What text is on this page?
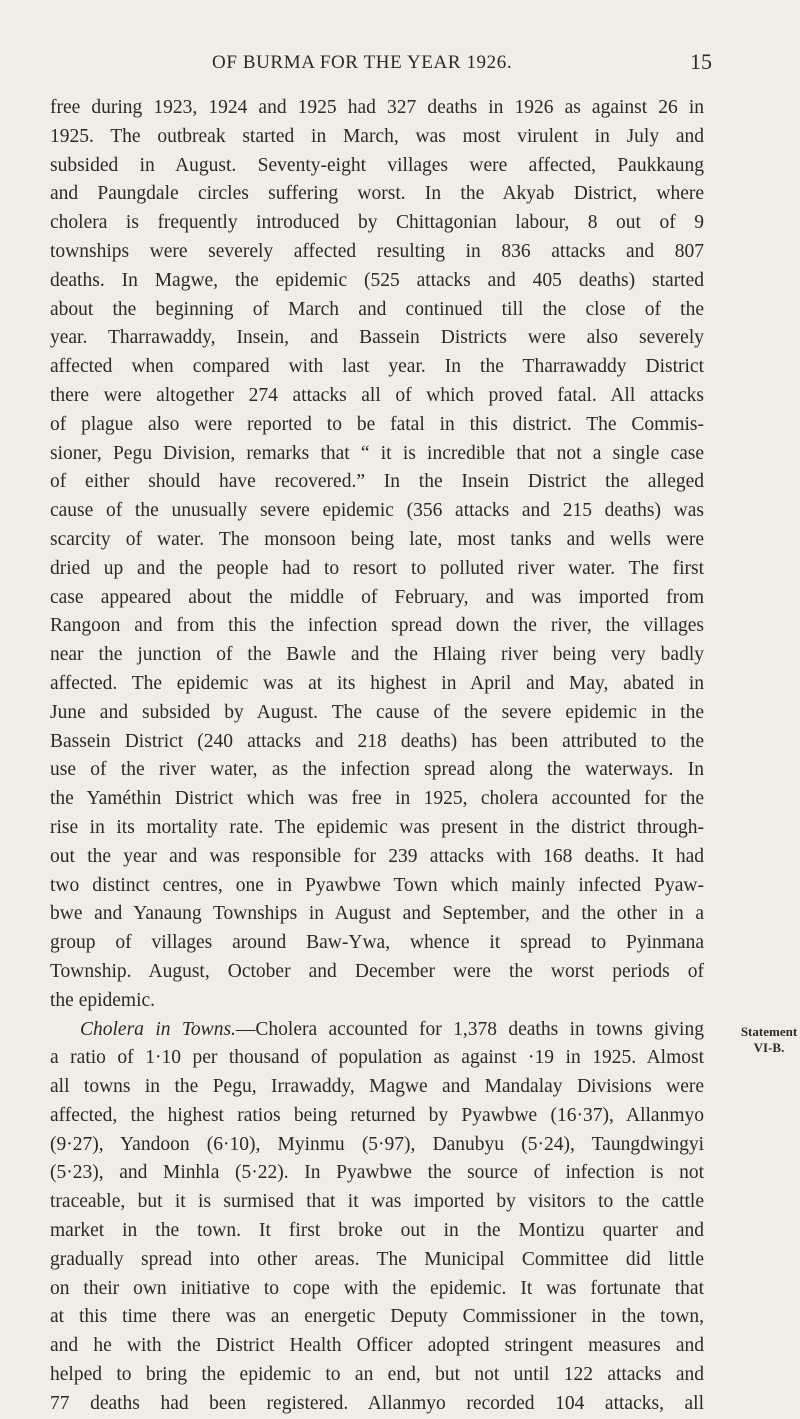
OF BURMA FOR THE YEAR 1926.	15
free during 1923, 1924 and 1925 had 327 deaths in 1926 as against 26 in
1925. The outbreak started in March, was most virulent in July and
subsided in August. Seventy-eight villages were affected, Paukkaung
and Paungdale circles suffering worst. In the Akyab District, where
cholera is frequently introduced by Chittagonian labour, 8 out of 9
townships were severely affected resulting in 836 attacks and 807
deaths. In Magwe, the epidemic (525 attacks and 405 deaths) started
about the beginning of March and continued till the close of the
year. Tharrawaddy, Insein, and Bassein Districts were also severely
affected when compared with last year. In the Tharrawaddy District
there were altogether 274 attacks all of which proved fatal. All attacks
of plague also were reported to be fatal in this district. The Commis-
sioner, Pegu Division, remarks that “ it is incredible that not a single case
of either should have recovered.” In the Insein District the alleged
cause of the unusually severe epidemic (356 attacks and 215 deaths) was
scarcity of water. The monsoon being late, most tanks and wells were
dried up and the people had to resort to polluted river water. The first
case appeared about the middle of February, and was imported from
Rangoon and from this the infection spread down the river, the villages
near the junction of the Bawle and the Hlaing river being very badly
affected. The epidemic was at its highest in April and May, abated in
June and subsided by August. The cause of the severe epidemic in the
Bassein District (240 attacks and 218 deaths) has been attributed to the
use of the river water, as the infection spread along the waterways. In
the Yaméthin District which was free in 1925, cholera accounted for the
rise in its mortality rate. The epidemic was present in the district through-
out the year and was responsible for 239 attacks with 168 deaths. It had
two distinct centres, one in Pyawbwe Town which mainly infected Pyaw-
bwe and Yanaung Townships in August and September, and the other in a
group of villages around Baw-Ywa, whence it spread to Pyinmana
Township. August, October and December were the worst periods of
the epidemic.
Cholera in Towns.—Cholera accounted for 1,378 deaths in towns giving
a ratio of 1·10 per thousand of population as against ·19 in 1925. Almost
all towns in the Pegu, Irrawaddy, Magwe and Mandalay Divisions were
affected, the highest ratios being returned by Pyawbwe (16·37), Allanmyo
(9·27), Yandoon (6·10), Myinmu (5·97), Danubyu (5·24), Taungdwingyi
(5·23), and Minhla (5·22). In Pyawbwe the source of infection is not
traceable, but it is surmised that it was imported by visitors to the cattle
market in the town. It first broke out in the Montizu quarter and
gradually spread into other areas. The Municipal Committee did little
on their own initiative to cope with the epidemic. It was fortunate that
at this time there was an energetic Deputy Commissioner in the town,
and he with the District Health Officer adopted stringent measures and
helped to bring the epidemic to an end, but not until 122 attacks and
77 deaths had been registered. Allanmyo recorded 104 attacks, all
Statement
VI-B.
